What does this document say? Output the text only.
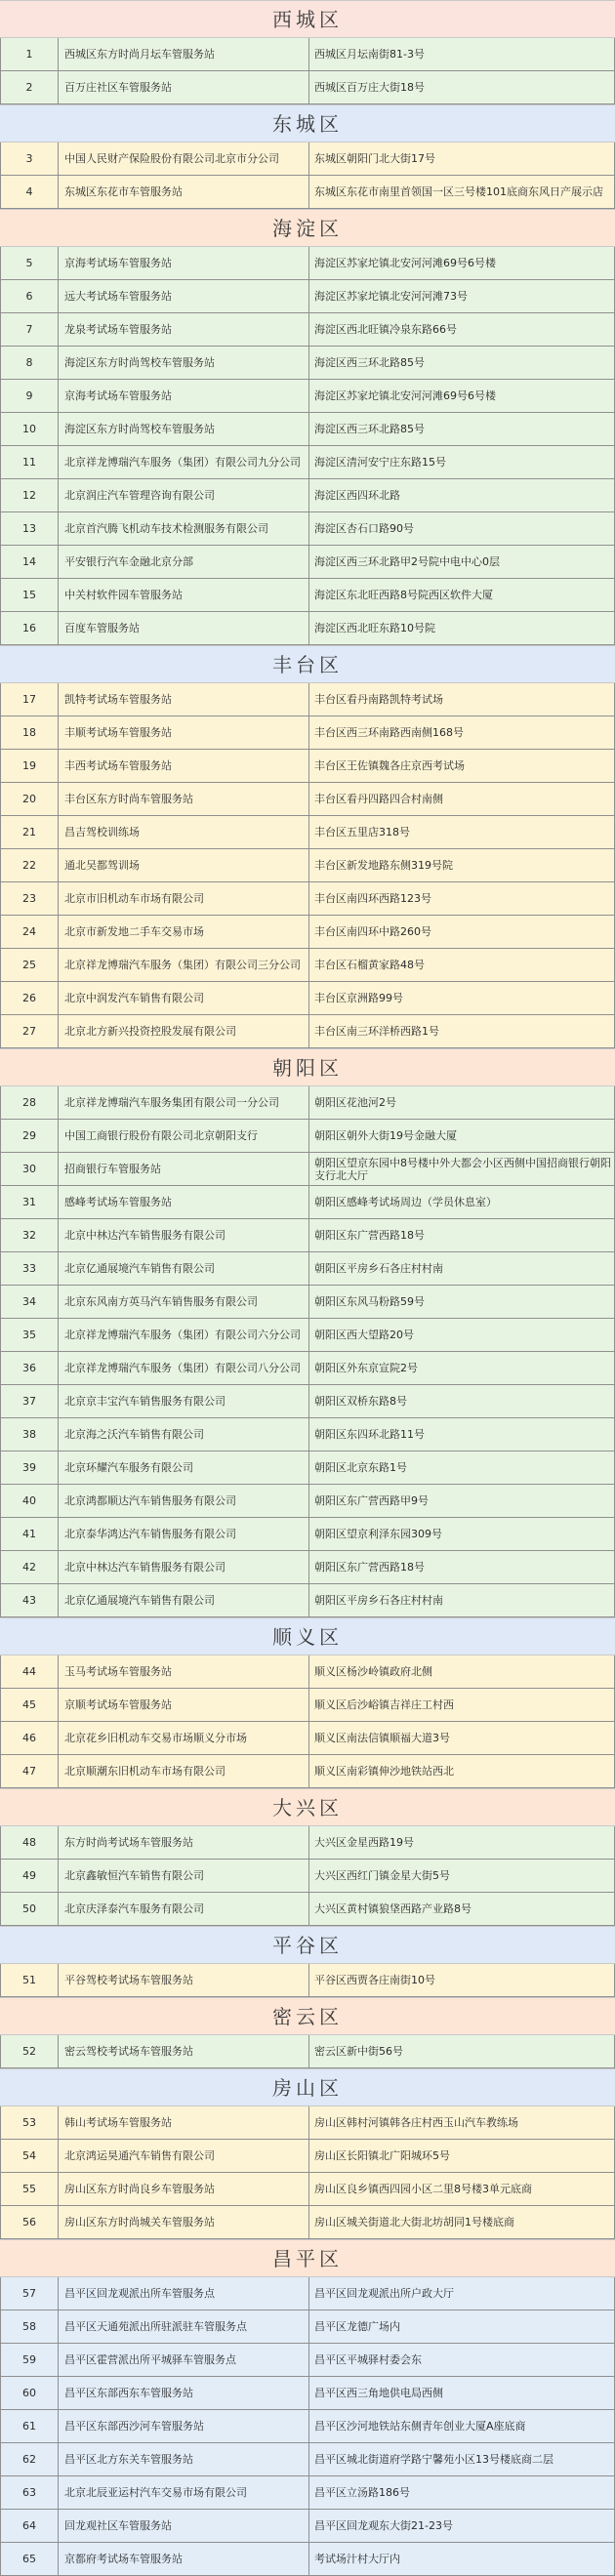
西城区
1	西城区东方时尚月坛车管服务站	西城区月坛南街81-3号
2	百万庄社区车管服务站	西城区百万庄大街18号
东城区
3	中国人民财产保险股份有限公司北京市分公司	东城区朝阳门北大街17号
4	东城区东花市车管服务站	东城区东花市南里首领国一区三号楼101底商东风日产展示店
海淀区
5	京海考试场车管服务站	海淀区苏家坨镇北安河河滩69号6号楼
6	远大考试场车管服务站	海淀区苏家坨镇北安河河滩73号
7	龙泉考试场车管服务站	海淀区西北旺镇冷泉东路66号
8	海淀区东方时尚驾校车管服务站	海淀区西三环北路85号
9	京海考试场车管服务站	海淀区苏家坨镇北安河河滩69号6号楼
10	海淀区东方时尚驾校车管服务站	海淀区西三环北路85号
11	北京祥龙博瑞汽车服务（集团）有限公司九分公司	海淀区清河安宁庄东路15号
12	北京润庄汽车管理咨询有限公司	海淀区西四环北路
13	北京首汽腾飞机动车技术检测服务有限公司	海淀区杏石口路90号
14	平安银行汽车金融北京分部	海淀区西三环北路甲2号院中电中心0层
15	中关村软件园车管服务站	海淀区东北旺西路8号院西区软件大厦
16	百度车管服务站	海淀区西北旺东路10号院
丰台区
17	凯特考试场车管服务站	丰台区看丹南路凯特考试场
18	丰顺考试场车管服务站	丰台区西三环南路西南侧168号
19	丰西考试场车管服务站	丰台区王佐镇魏各庄京西考试场
20	丰台区东方时尚车管服务站	丰台区看丹四路四合村南侧
21	昌吉驾校训练场	丰台区五里店318号
22	通北吴都驾训场	丰台区新发地路东侧319号院
23	北京市旧机动车市场有限公司	丰台区南四环西路123号
24	北京市新发地二手车交易市场	丰台区南四环中路260号
25	北京祥龙博瑞汽车服务（集团）有限公司三分公司	丰台区石榴黄家路48号
26	北京中润发汽车销售有限公司	丰台区京洲路99号
27	北京北方新兴投资控股发展有限公司	丰台区南三环洋桥西路1号
朝阳区
28	北京祥龙博瑞汽车服务集团有限公司一分公司	朝阳区花池河2号
29	中国工商银行股份有限公司北京朝阳支行	朝阳区朝外大街19号金融大厦
30	招商银行车管服务站	朝阳区望京东园中8号楼中外大都会小区西侧中国招商银行朝阳支行北大厅
31	感峰考试场车管服务站	朝阳区感峰考试场周边（学员休息室）
32	北京中林达汽车销售服务有限公司	朝阳区东广营西路18号
33	北京亿通展境汽车销售有限公司	朝阳区平房乡石各庄村村南
34	北京东风南方英马汽车销售服务有限公司	朝阳区东风马粉路59号
35	北京祥龙博瑞汽车服务（集团）有限公司六分公司	朝阳区西大望路20号
36	北京祥龙博瑞汽车服务（集团）有限公司八分公司	朝阳区外东京宣院2号
37	北京京丰宝汽车销售服务有限公司	朝阳区双桥东路8号
38	北京海之沃汽车销售有限公司	朝阳区东四环北路11号
39	北京环耀汽车服务有限公司	朝阳区北京东路1号
40	北京鸿都顺达汽车销售服务有限公司	朝阳区东广营西路甲9号
41	北京泰华鸿达汽车销售服务有限公司	朝阳区望京利泽东园309号
42	北京中林达汽车销售服务有限公司	朝阳区东广营西路18号
43	北京亿通展境汽车销售有限公司	朝阳区平房乡石各庄村村南
顺义区
44	玉马考试场车管服务站	顺义区杨沙岭镇政府北侧
45	京顺考试场车管服务站	顺义区后沙峪镇吉祥庄工村西
46	北京花乡旧机动车交易市场顺义分市场	顺义区南法信镇顺福大道3号
47	北京顺潮东旧机动车市场有限公司	顺义区南彩镇伸沙地铁站西北
大兴区
48	东方时尚考试场车管服务站	大兴区金星西路19号
49	北京鑫敏恒汽车销售有限公司	大兴区西红门镇金星大街5号
50	北京庆泽泰汽车服务有限公司	大兴区黄村镇狼垡西路产业路8号
平谷区
51	平谷驾校考试场车管服务站	平谷区西贾各庄南街10号
密云区
52	密云驾校考试场车管服务站	密云区新中街56号
房山区
53	韩山考试场车管服务站	房山区韩村河镇韩各庄村西玉山汽车教练场
54	北京鸿运昊通汽车销售有限公司	房山区长阳镇北广阳城环5号
55	房山区东方时尚良乡车管服务站	房山区良乡镇西四园小区二里8号楼3单元底商
56	房山区东方时尚城关车管服务站	房山区城关街道北大街北坊胡同1号楼底商
昌平区
57	昌平区回龙观派出所车管服务点	昌平区回龙观派出所户政大厅
58	昌平区天通苑派出所驻派驻车管服务点	昌平区龙德广场内
59	昌平区霍营派出所平城驿车管服务点	昌平区平城驿村委会东
60	昌平区东部西东车管服务站	昌平区西三角地供电局西侧
61	昌平区东部西沙河车管服务站	昌平区沙河地铁站东侧青年创业大厦A座底商
62	昌平区北方东关车管服务站	昌平区城北街道府学路宁馨苑小区13号楼底商二层
63	北京北辰亚运村汽车交易市场有限公司	昌平区立汤路186号
64	回龙观社区车管服务站	昌平区回龙观东大街21-23号
65	京都府考试场车管服务站	考试场汁村大厅内
